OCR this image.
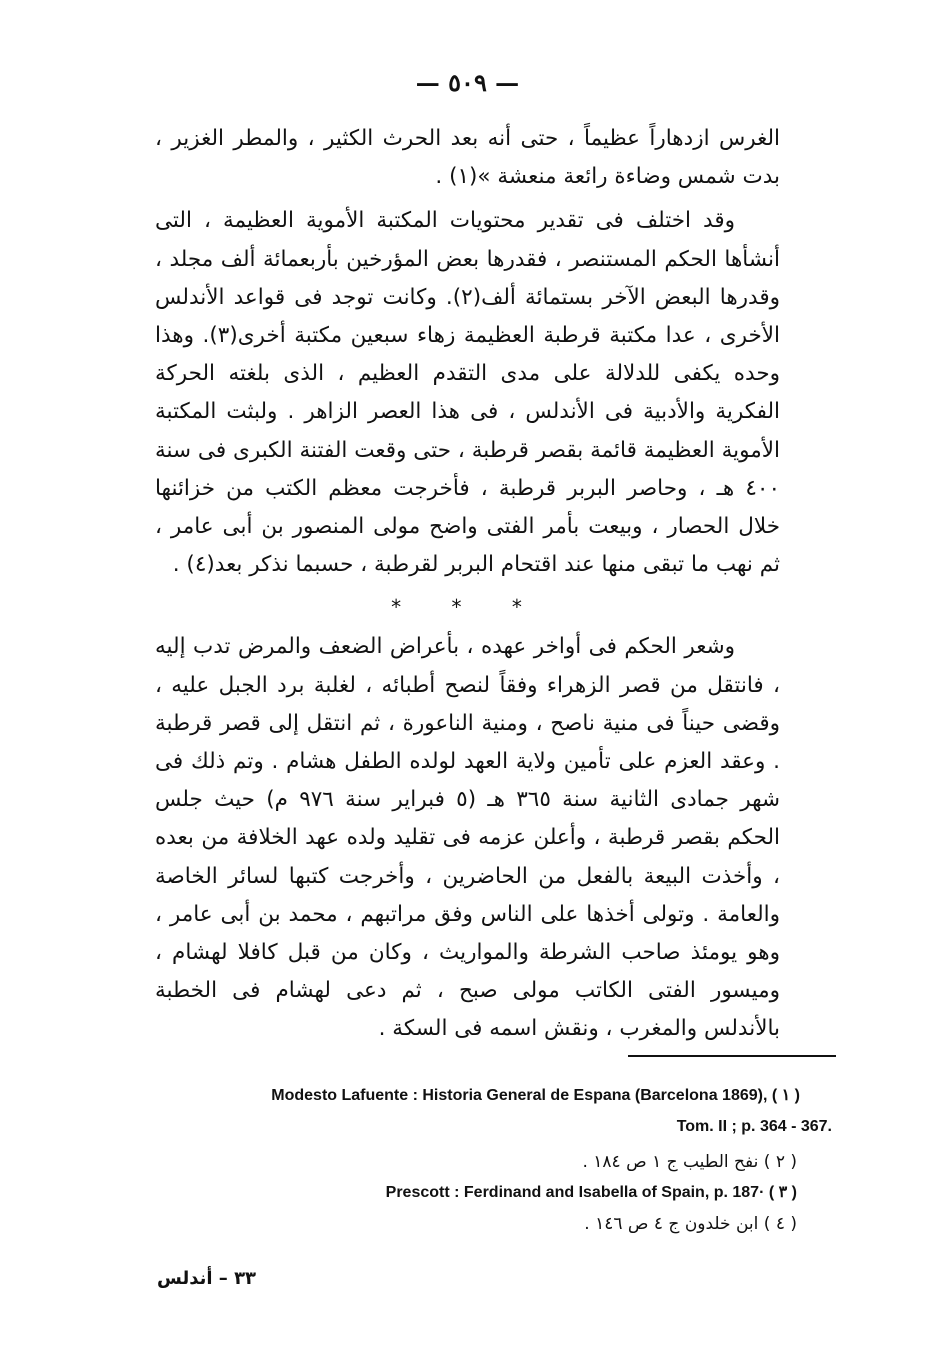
— ٥٠٩ —

الغرس ازدهاراً عظيماً ، حتى أنه بعد الحرث الكثير ، والمطر الغزير ، بدت شمس وضاءة رائعة منعشة »(١) .

وقد اختلف فى تقدير محتويات المكتبة الأموية العظيمة ، التى أنشأها الحكم المستنصر ، فقدرها بعض المؤرخين بأربعمائة ألف مجلد ، وقدرها البعض الآخر بستمائة ألف(٢). وكانت توجد فى قواعد الأندلس الأخرى ، عدا مكتبة قرطبة العظيمة زهاء سبعين مكتبة أخرى(٣). وهذا وحده يكفى للدلالة على مدى التقدم العظيم ، الذى بلغته الحركة الفكرية والأدبية فى الأندلس ، فى هذا العصر الزاهر . ولبثت المكتبة الأموية العظيمة قائمة بقصر قرطبة ، حتى وقعت الفتنة الكبرى فى سنة ٤٠٠ هـ ، وحاصر البربر قرطبة ، فأخرجت معظم الكتب من خزائنها خلال الحصار ، وبيعت بأمر الفتى واضح مولى المنصور بن أبى عامر ، ثم نهب ما تبقى منها عند اقتحام البربر لقرطبة ، حسبما نذكر بعد(٤) .

* * *

وشعر الحكم فى أواخر عهده ، بأعراض الضعف والمرض تدب إليه ، فانتقل من قصر الزهراء وفقاً لنصح أطبائه ، لغلبة برد الجبل عليه ، وقضى حيناً فى منية ناصح ، ومنية الناعورة ، ثم انتقل إلى قصر قرطبة . وعقد العزم على تأمين ولاية العهد لولده الطفل هشام . وتم ذلك فى شهر جمادى الثانية سنة ٣٦٥ هـ (٥ فبراير سنة ٩٧٦ م) حيث جلس الحكم بقصر قرطبة ، وأعلن عزمه فى تقليد ولده عهد الخلافة من بعده ، وأخذت البيعة بالفعل من الحاضرين ، وأخرجت كتبها لسائر الخاصة والعامة . وتولى أخذها على الناس وفق مراتبهم ، محمد بن أبى عامر ، وهو يومئذ صاحب الشرطة والمواريث ، وكان من قبل كافلا لهشام ، وميسور الفتى الكاتب مولى صبح ، ثم دعى لهشام فى الخطبة بالأندلس والمغرب ، ونقش اسمه فى السكة .

Modesto Lafuente : Historia General de Espana (Barcelona 1869), ( ١ )
Tom. II ; p. 364 - 367.
( ٢ ) نفح الطيب ج ١ ص ١٨٤ .
Prescott : Ferdinand and Isabella of Spain, p. 187· ( ٣ )
( ٤ ) ابن خلدون ج ٤ ص ١٤٦ .
٣٣ – أندلس
